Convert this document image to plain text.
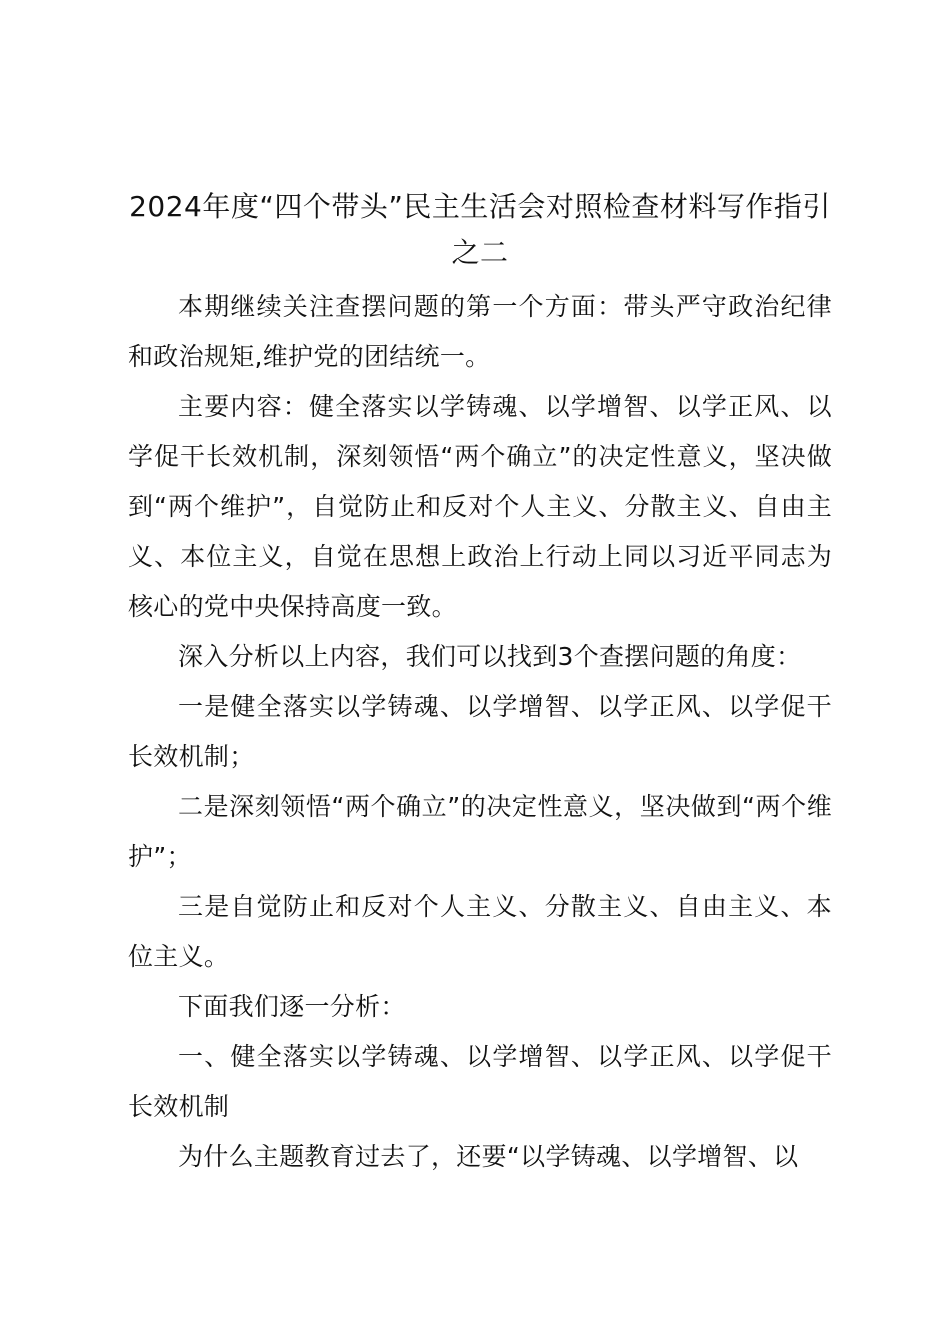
2024年度“四个带头”民主生活会对照检查材料写作指引之二

本期继续关注查摆问题的第一个方面：带头严守政治纪律和政治规矩,维护党的团结统一。

主要内容：健全落实以学铸魂、以学增智、以学正风、以学促干长效机制，深刻领悟“两个确立”的决定性意义，坚决做到“两个维护”，自觉防止和反对个人主义、分散主义、自由主义、本位主义，自觉在思想上政治上行动上同以习近平同志为核心的党中央保持高度一致。

深入分析以上内容，我们可以找到3个查摆问题的角度：

一是健全落实以学铸魂、以学增智、以学正风、以学促干长效机制；

二是深刻领悟“两个确立”的决定性意义，坚决做到“两个维护”；

三是自觉防止和反对个人主义、分散主义、自由主义、本位主义。

下面我们逐一分析：

一、健全落实以学铸魂、以学增智、以学正风、以学促干长效机制

为什么主题教育过去了，还要“以学铸魂、以学增智、以
